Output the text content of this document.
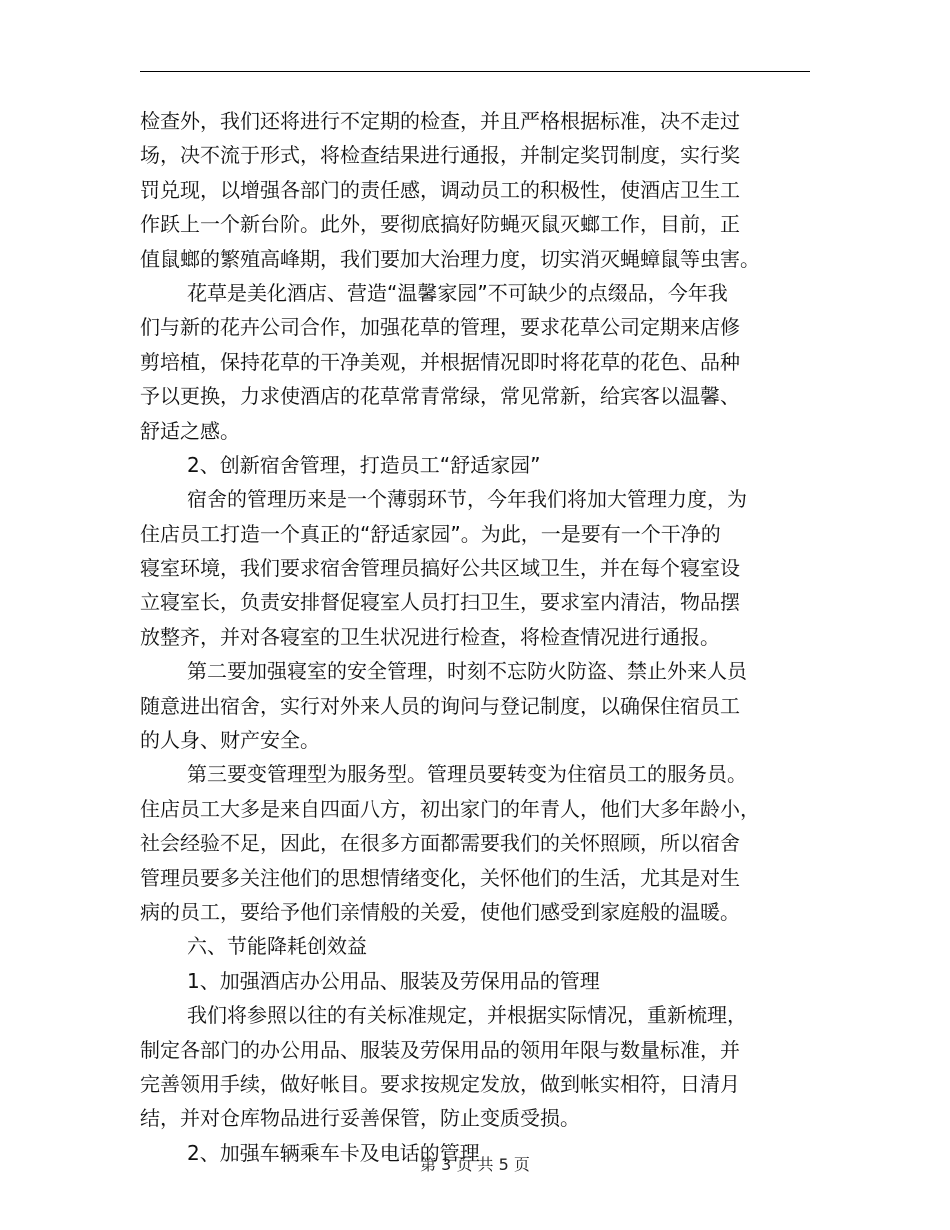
检查外，我们还将进行不定期的检查，并且严格根据标准，决不走过
场，决不流于形式，将检查结果进行通报，并制定奖罚制度，实行奖
罚兑现，以增强各部门的责任感，调动员工的积极性，使酒店卫生工
作跃上一个新台阶。此外，要彻底搞好防蝇灭鼠灭螂工作，目前，正
值鼠螂的繁殖高峰期，我们要加大治理力度，切实消灭蝇蟑鼠等虫害。
花草是美化酒店、营造“温馨家园”不可缺少的点缀品，今年我
们与新的花卉公司合作，加强花草的管理，要求花草公司定期来店修
剪培植，保持花草的干净美观，并根据情况即时将花草的花色、品种
予以更换，力求使酒店的花草常青常绿，常见常新，给宾客以温馨、
舒适之感。
2、创新宿舍管理，打造员工“舒适家园”
宿舍的管理历来是一个薄弱环节，今年我们将加大管理力度，为
住店员工打造一个真正的“舒适家园”。为此，一是要有一个干净的
寝室环境，我们要求宿舍管理员搞好公共区域卫生，并在每个寝室设
立寝室长，负责安排督促寝室人员打扫卫生，要求室内清洁，物品摆
放整齐，并对各寝室的卫生状况进行检查，将检查情况进行通报。
第二要加强寝室的安全管理，时刻不忘防火防盗、禁止外来人员
随意进出宿舍，实行对外来人员的询问与登记制度，以确保住宿员工
的人身、财产安全。
第三要变管理型为服务型。管理员要转变为住宿员工的服务员。
住店员工大多是来自四面八方，初出家门的年青人，他们大多年龄小，
社会经验不足，因此，在很多方面都需要我们的关怀照顾，所以宿舍
管理员要多关注他们的思想情绪变化，关怀他们的生活，尤其是对生
病的员工，要给予他们亲情般的关爱，使他们感受到家庭般的温暖。
六、节能降耗创效益
1、加强酒店办公用品、服装及劳保用品的管理
我们将参照以往的有关标准规定，并根据实际情况，重新梳理，
制定各部门的办公用品、服装及劳保用品的领用年限与数量标准，并
完善领用手续，做好帐目。要求按规定发放，做到帐实相符，日清月
结，并对仓库物品进行妥善保管，防止变质受损。
2、加强车辆乘车卡及电话的管理
第 3 页 共 5 页
